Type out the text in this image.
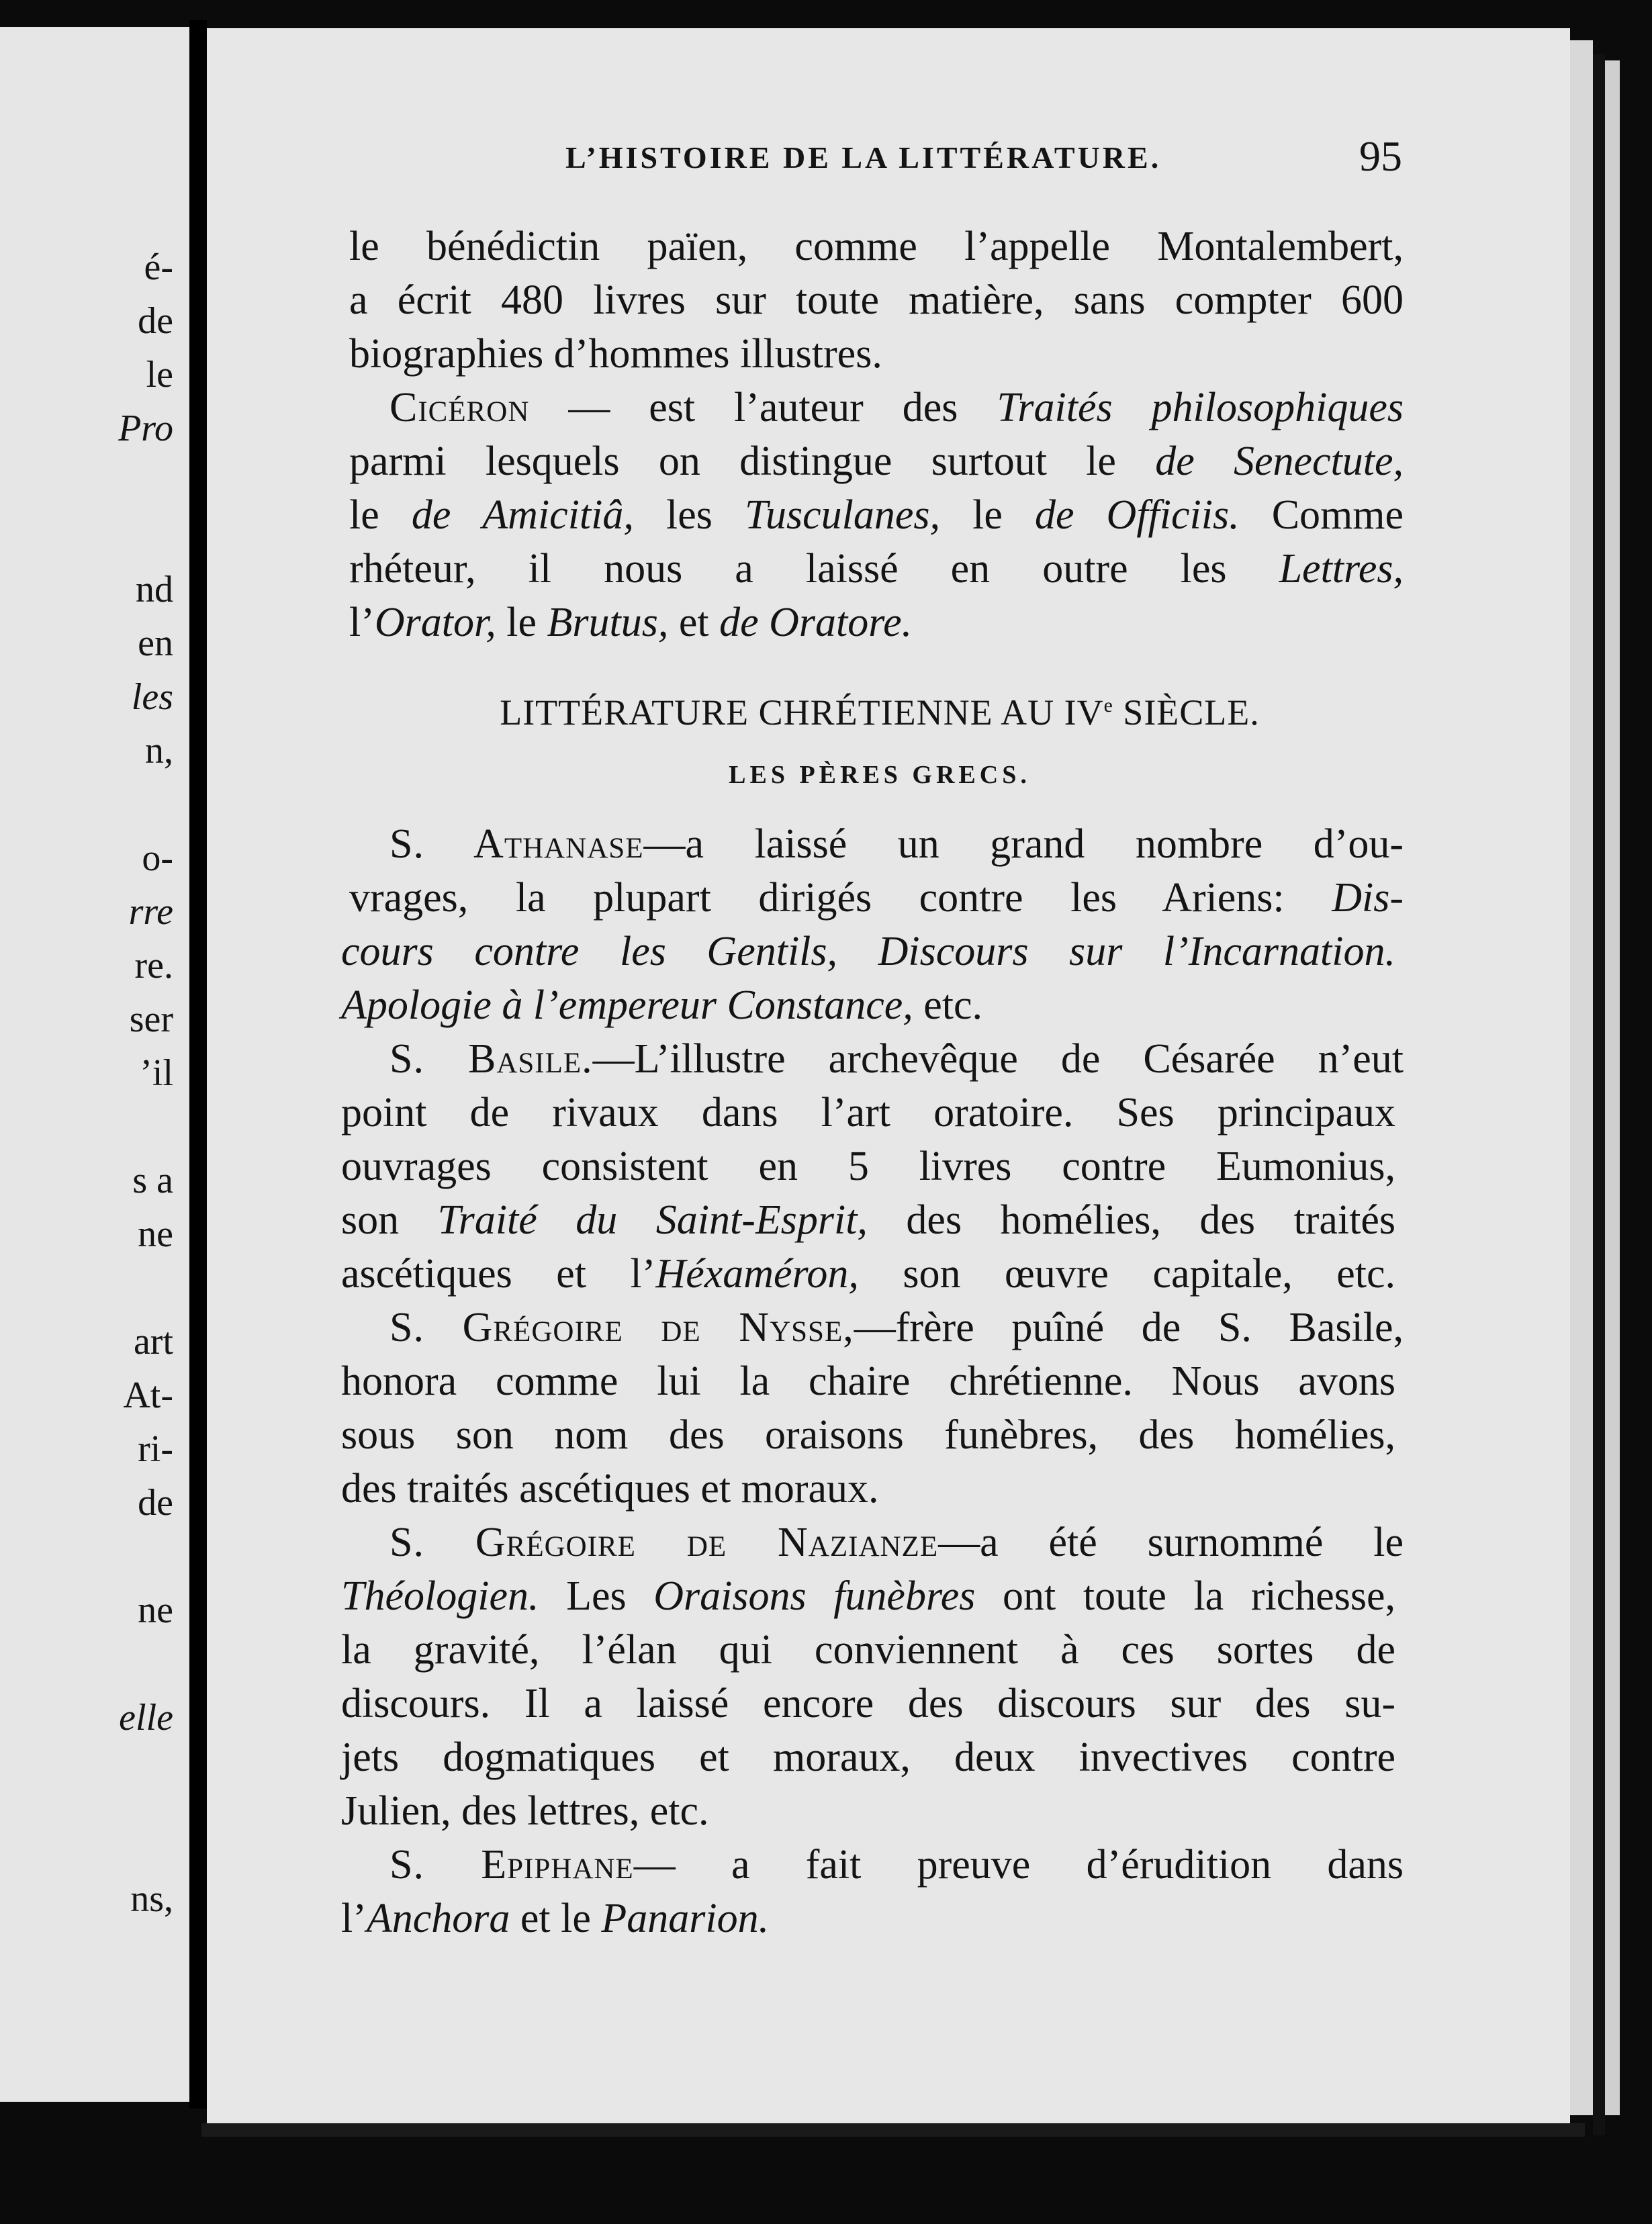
é-
de
le
Pro
nd
en
les
n,
o-
rre
re.
ser
’il
s a
ne
art
At-
ri-
de
ne
elle
ns,
L’HISTOIRE DE LA LITTÉRATURE.	95
le bénédictin païen, comme l’appelle Montalembert,
a écrit 480 livres sur toute matière, sans compter 600
biographies d’hommes illustres.
Cicéron — est l’auteur des Traités philosophiques
parmi lesquels on distingue surtout le de Senectute,
le de Amicitiâ, les Tusculanes, le de Officiis. Comme
rhéteur, il nous a laissé en outre les Lettres,
l’Orator, le Brutus, et de Oratore.
LITTÉRATURE CHRÉTIENNE AU IVe SIÈCLE.
LES PÈRES GRECS.
S. Athanase—a laissé un grand nombre d’ou-
vrages, la plupart dirigés contre les Ariens: Dis-
cours contre les Gentils, Discours sur l’Incarnation.
Apologie à l’empereur Constance, etc.
S. Basile.—L’illustre archevêque de Césarée n’eut
point de rivaux dans l’art oratoire. Ses principaux
ouvrages consistent en 5 livres contre Eumonius,
son Traité du Saint-Esprit, des homélies, des traités
ascétiques et l’Héxaméron, son œuvre capitale, etc.
S. Grégoire de Nysse,—frère puîné de S. Basile,
honora comme lui la chaire chrétienne. Nous avons
sous son nom des oraisons funèbres, des homélies,
des traités ascétiques et moraux.
S. Grégoire de Nazianze—a été surnommé le
Théologien. Les Oraisons funèbres ont toute la richesse,
la gravité, l’élan qui conviennent à ces sortes de
discours. Il a laissé encore des discours sur des su-
jets dogmatiques et moraux, deux invectives contre
Julien, des lettres, etc.
S. Epiphane— a fait preuve d’érudition dans
l’Anchora et le Panarion.
